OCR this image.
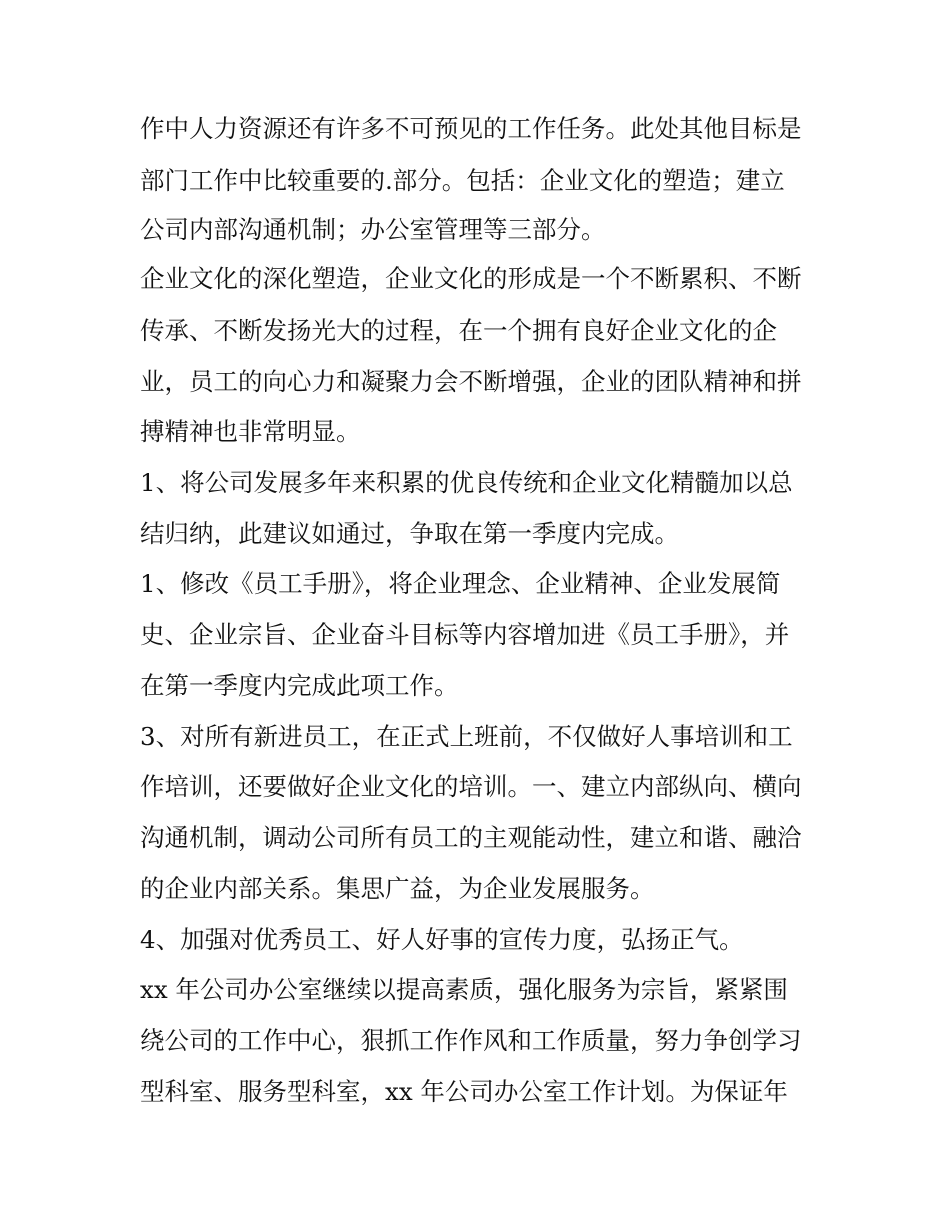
作中人力资源还有许多不可预见的工作任务。此处其他目标是
部门工作中比较重要的.部分。包括：企业文化的塑造；建立
公司内部沟通机制；办公室管理等三部分。
企业文化的深化塑造，企业文化的形成是一个不断累积、不断
传承、不断发扬光大的过程，在一个拥有良好企业文化的企
业，员工的向心力和凝聚力会不断增强，企业的团队精神和拼
搏精神也非常明显。
1、将公司发展多年来积累的优良传统和企业文化精髓加以总
结归纳，此建议如通过，争取在第一季度内完成。
1、修改《员工手册》，将企业理念、企业精神、企业发展简
史、企业宗旨、企业奋斗目标等内容增加进《员工手册》，并
在第一季度内完成此项工作。
3、对所有新进员工，在正式上班前，不仅做好人事培训和工
作培训，还要做好企业文化的培训。一、建立内部纵向、横向
沟通机制，调动公司所有员工的主观能动性，建立和谐、融洽
的企业内部关系。集思广益，为企业发展服务。
4、加强对优秀员工、好人好事的宣传力度，弘扬正气。
xx 年公司办公室继续以提高素质，强化服务为宗旨，紧紧围
绕公司的工作中心，狠抓工作作风和工作质量，努力争创学习
型科室、服务型科室，xx 年公司办公室工作计划。为保证年
